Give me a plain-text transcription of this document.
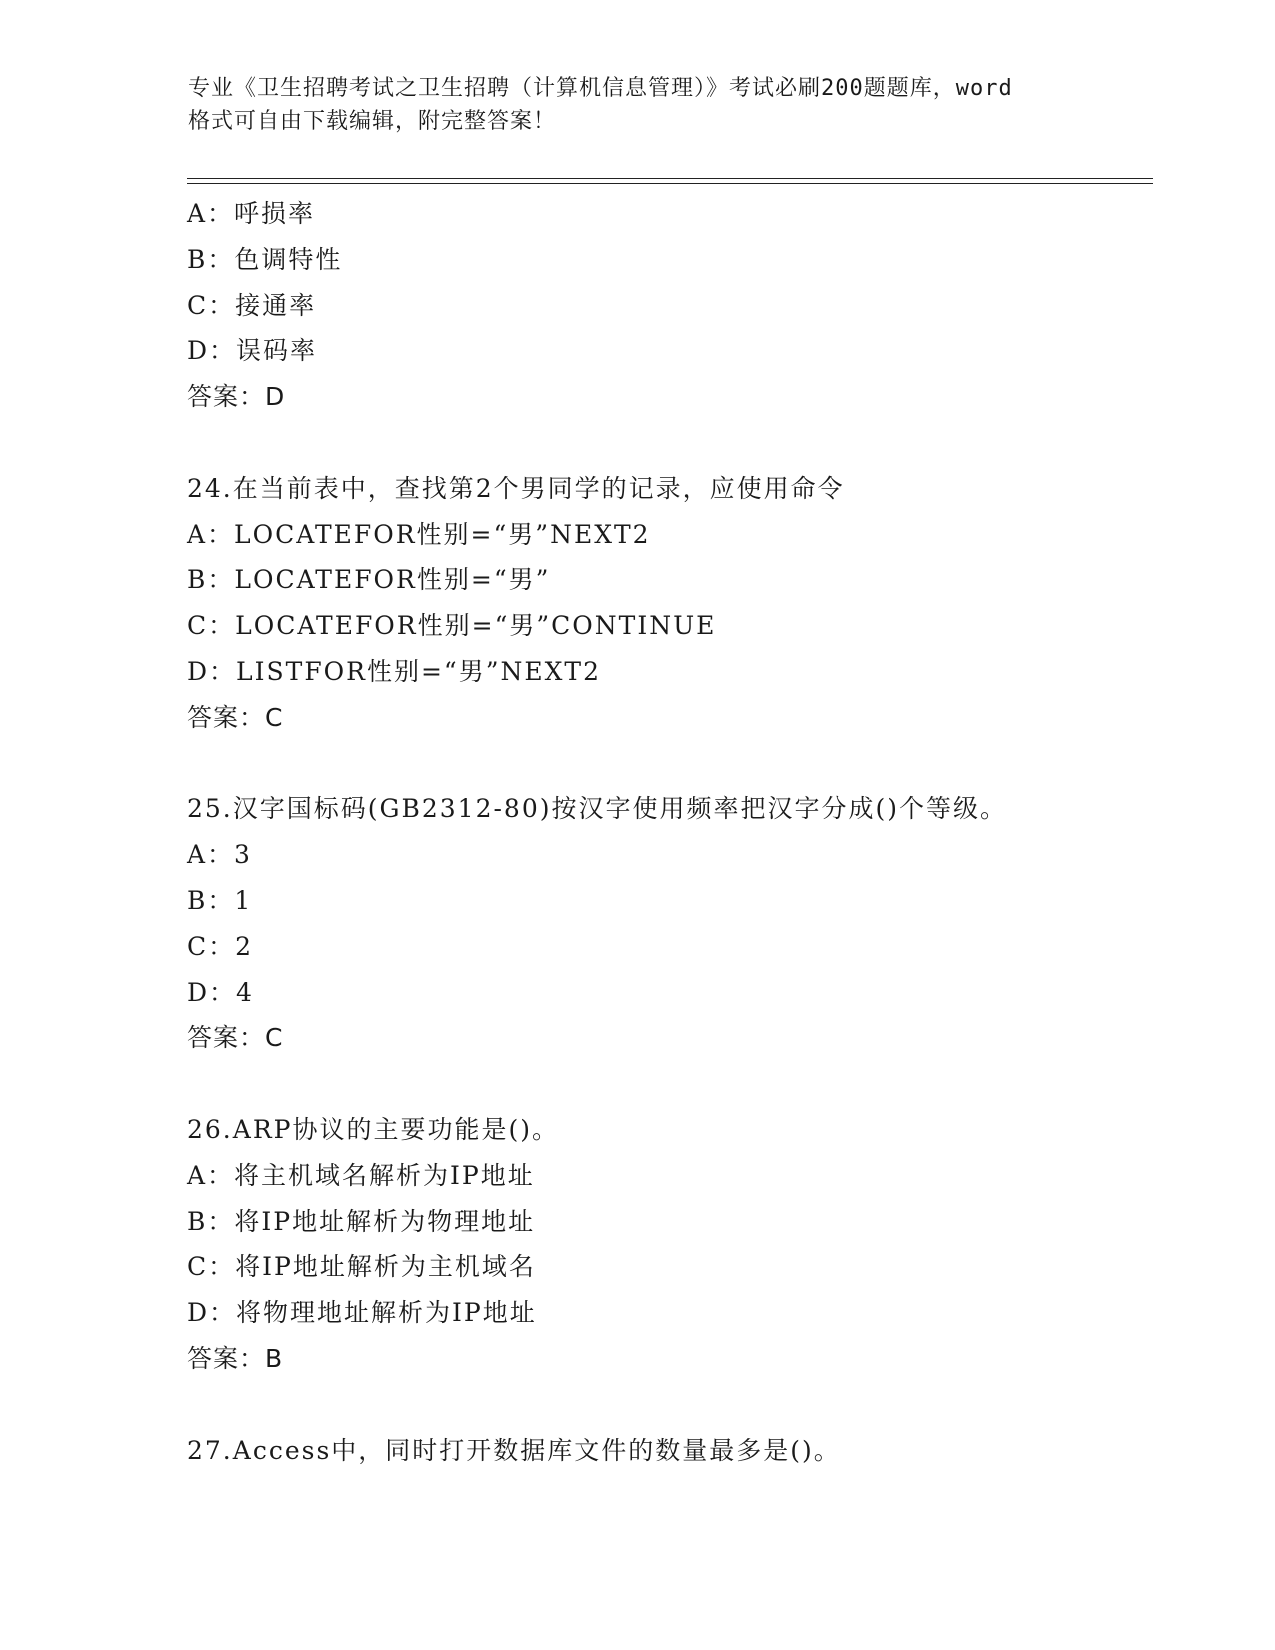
专业《卫生招聘考试之卫生招聘（计算机信息管理）》考试必刷200题题库，word
格式可自由下载编辑，附完整答案！
A：呼损率
B：色调特性
C：接通率
D：误码率
答案：D
24.在当前表中，查找第2个男同学的记录，应使用命令
A：LOCATEFOR性别=“男”NEXT2
B：LOCATEFOR性别=“男”
C：LOCATEFOR性别=“男”CONTINUE
D：LISTFOR性别=“男”NEXT2
答案：C
25.汉字国标码(GB2312-80)按汉字使用频率把汉字分成()个等级。
A：3
B：1
C：2
D：4
答案：C
26.ARP协议的主要功能是()。
A：将主机域名解析为IP地址
B：将IP地址解析为物理地址
C：将IP地址解析为主机域名
D：将物理地址解析为IP地址
答案：B
27.Access中，同时打开数据库文件的数量最多是()。
